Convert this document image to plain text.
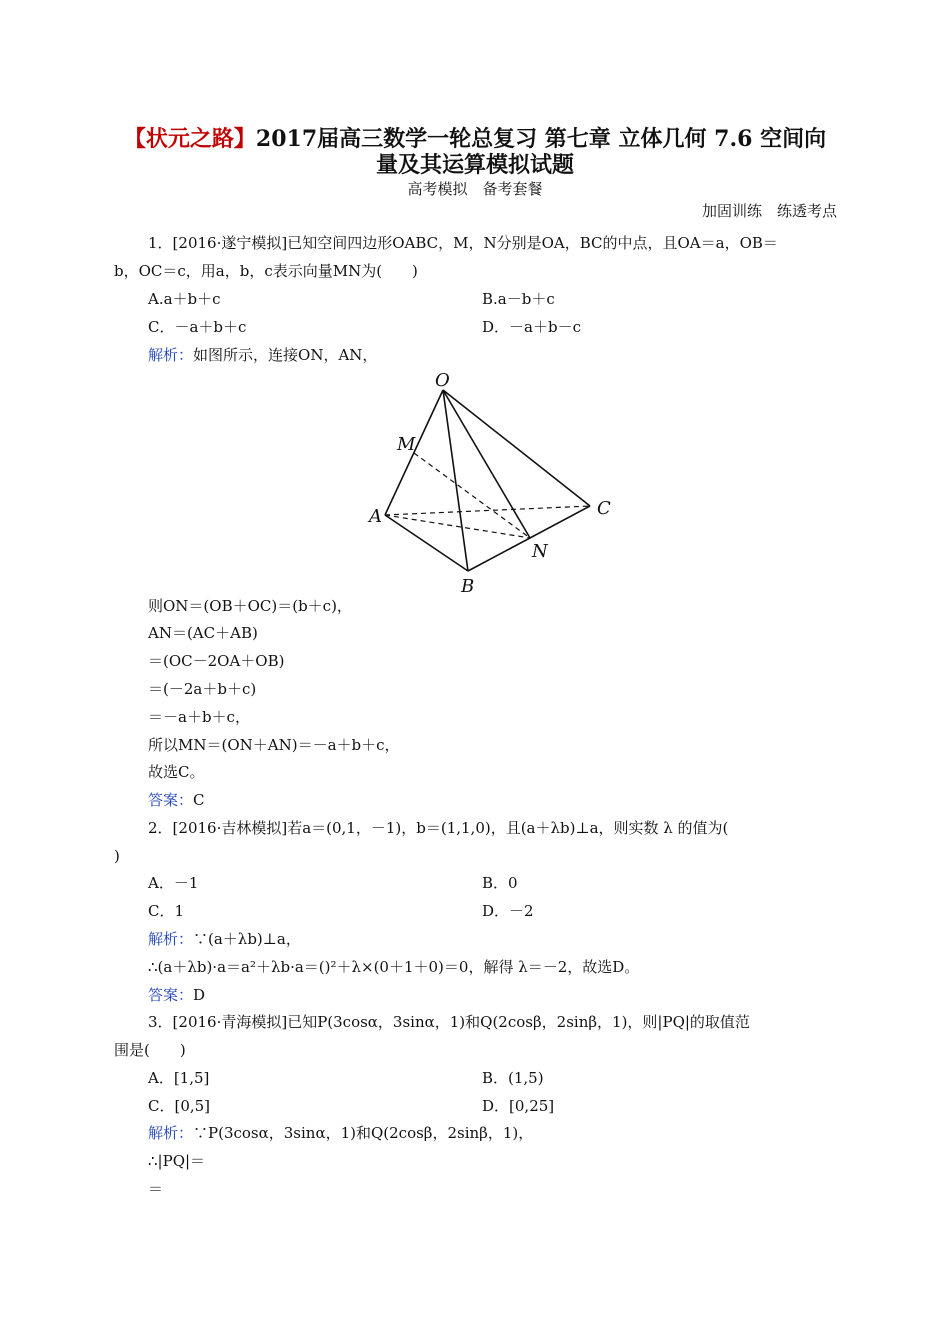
【状元之路】2017届高三数学一轮总复习 第七章 立体几何 7.6 空间向
量及其运算模拟试题
高考模拟　备考套餐
加固训练　练透考点
1．[2016·遂宁模拟]已知空间四边形OABC，M，N分别是OA，BC的中点，且OA＝a，OB＝
b，OC＝c，用a，b，c表示向量MN为(　　)
A.a＋b＋c	B.a－b＋c
C．－a＋b＋c	D．－a＋b－c
解析：如图所示，连接ON，AN，
O
M
A	C
N
B
则ON＝(OB＋OC)＝(b＋c)，
AN＝(AC＋AB)
＝(OC－2OA＋OB)
＝(－2a＋b＋c)
＝－a＋b＋c，
所以MN＝(ON＋AN)＝－a＋b＋c，
故选C。
答案：C
2．[2016·吉林模拟]若a＝(0,1，－1)，b＝(1,1,0)，且(a＋λb)⊥a，则实数 λ 的值为(
)
A．－1	B．0
C．1	D．－2
解析：∵(a＋λb)⊥a，
∴(a＋λb)·a＝a²＋λb·a＝()²＋λ×(0＋1＋0)＝0，解得 λ＝－2，故选D。
答案：D
3．[2016·青海模拟]已知P(3cosα，3sinα，1)和Q(2cosβ，2sinβ，1)，则|PQ|的取值范
围是(　　)
A．[1,5]	B．(1,5)
C．[0,5]	D．[0,25]
解析：∵P(3cosα，3sinα，1)和Q(2cosβ，2sinβ，1)，
∴|PQ|＝
＝
